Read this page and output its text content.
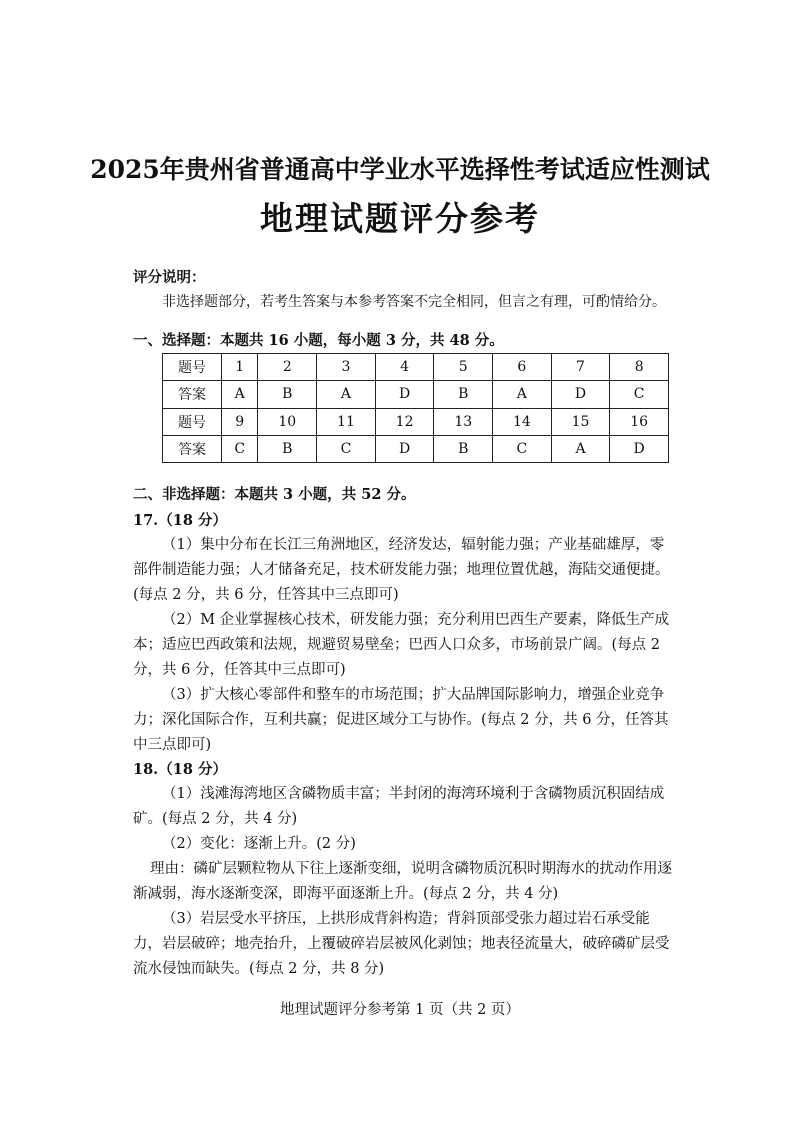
2025年贵州省普通高中学业水平选择性考试适应性测试
地理试题评分参考
评分说明：
非选择题部分，若考生答案与本参考答案不完全相同，但言之有理，可酌情给分。
一、选择题：本题共 16 小题，每小题 3 分，共 48 分。
题号	1	2	3	4	5	6	7	8
答案	A	B	A	D	B	A	D	C
题号	9	10	11	12	13	14	15	16
答案	C	B	C	D	B	C	A	D
二、非选择题：本题共 3 小题，共 52 分。
17.（18 分）
（1）集中分布在长江三角洲地区，经济发达，辐射能力强；产业基础雄厚，零部件制造能力强；人才储备充足，技术研发能力强；地理位置优越，海陆交通便捷。(每点 2 分，共 6 分，任答其中三点即可)
（2）M 企业掌握核心技术，研发能力强；充分利用巴西生产要素，降低生产成本；适应巴西政策和法规，规避贸易壁垒；巴西人口众多，市场前景广阔。(每点 2 分，共 6 分，任答其中三点即可)
（3）扩大核心零部件和整车的市场范围；扩大品牌国际影响力，增强企业竞争力；深化国际合作，互利共赢；促进区域分工与协作。(每点 2 分，共 6 分，任答其中三点即可)
18.（18 分）
（1）浅滩海湾地区含磷物质丰富；半封闭的海湾环境利于含磷物质沉积固结成矿。(每点 2 分，共 4 分)
（2）变化：逐渐上升。(2 分)
理由：磷矿层颗粒物从下往上逐渐变细，说明含磷物质沉积时期海水的扰动作用逐渐减弱，海水逐渐变深，即海平面逐渐上升。(每点 2 分，共 4 分)
（3）岩层受水平挤压，上拱形成背斜构造；背斜顶部受张力超过岩石承受能力，岩层破碎；地壳抬升，上覆破碎岩层被风化剥蚀；地表径流量大，破碎磷矿层受流水侵蚀而缺失。(每点 2 分，共 8 分)
地理试题评分参考第 1 页（共 2 页）
